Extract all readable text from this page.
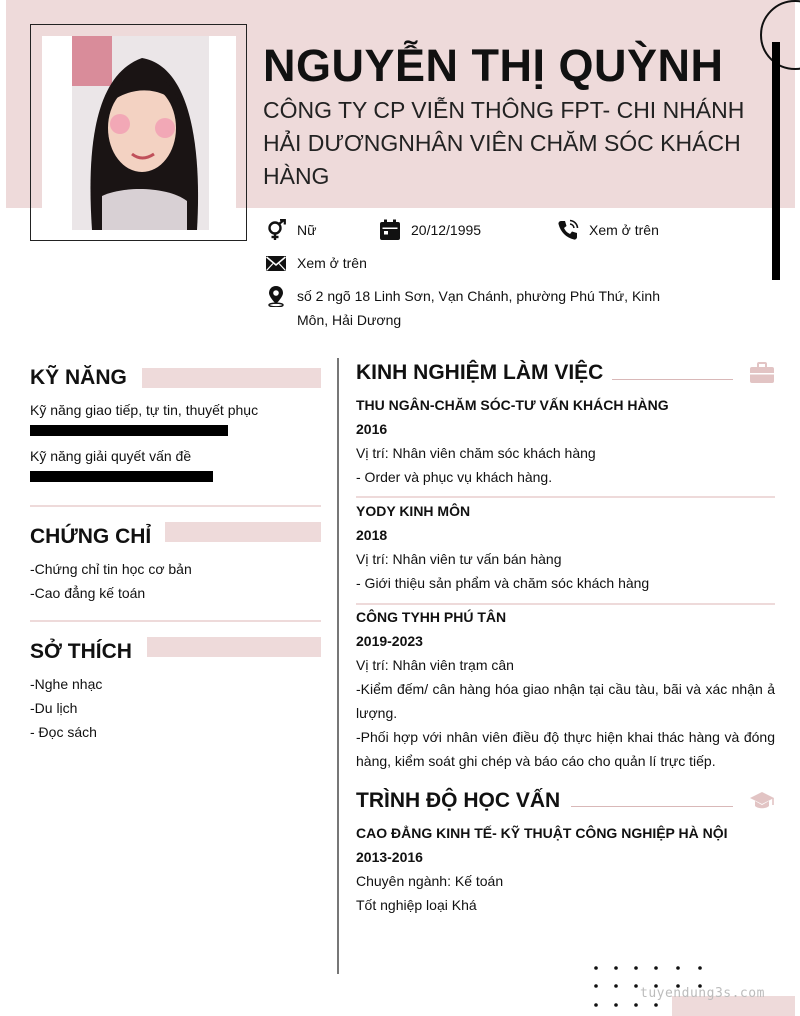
NGUYỄN THỊ QUỲNH
CÔNG TY CP VIỄN THÔNG FPT- CHI NHÁNH HẢI DƯƠNGNHÂN VIÊN CHĂM SÓC KHÁCH HÀNG
Nữ	20/12/1995	Xem ở trên
Xem ở trên
số 2 ngõ 18 Linh Sơn, Vạn Chánh, phường Phú Thứ, Kinh Môn, Hải Dương
KỸ NĂNG
Kỹ năng giao tiếp, tự tin, thuyết phục
Kỹ năng giải quyết vấn đề
CHỨNG CHỈ
-Chứng chỉ tin học cơ bản
-Cao đẳng kế toán
SỞ THÍCH
-Nghe nhạc
-Du lịch
- Đọc sách
KINH NGHIỆM LÀM VIỆC
THU NGÂN-CHĂM SÓC-TƯ VẤN KHÁCH HÀNG
2016
Vị trí: Nhân viên chăm sóc khách hàng
- Order và phục vụ khách hàng.
YODY KINH MÔN
2018
Vị trí: Nhân viên tư vấn bán hàng
- Giới thiệu sản phẩm và chăm sóc khách hàng
CÔNG TYHH PHÚ TÂN
2019-2023
Vị trí: Nhân viên trạm cân
-Kiểm đếm/ cân hàng hóa giao nhận tại cầu tàu, bãi và xác nhận ả lượng.
-Phối hợp với nhân viên điều độ thực hiện khai thác hàng và đóng hàng, kiểm soát ghi chép và báo cáo cho quản lí trực tiếp.
TRÌNH ĐỘ HỌC VẤN
CAO ĐẲNG KINH TẾ- KỸ THUẬT CÔNG NGHIỆP HÀ NỘI
2013-2016
Chuyên ngành: Kế toán
Tốt nghiệp loại Khá
tuyendung3s.com
